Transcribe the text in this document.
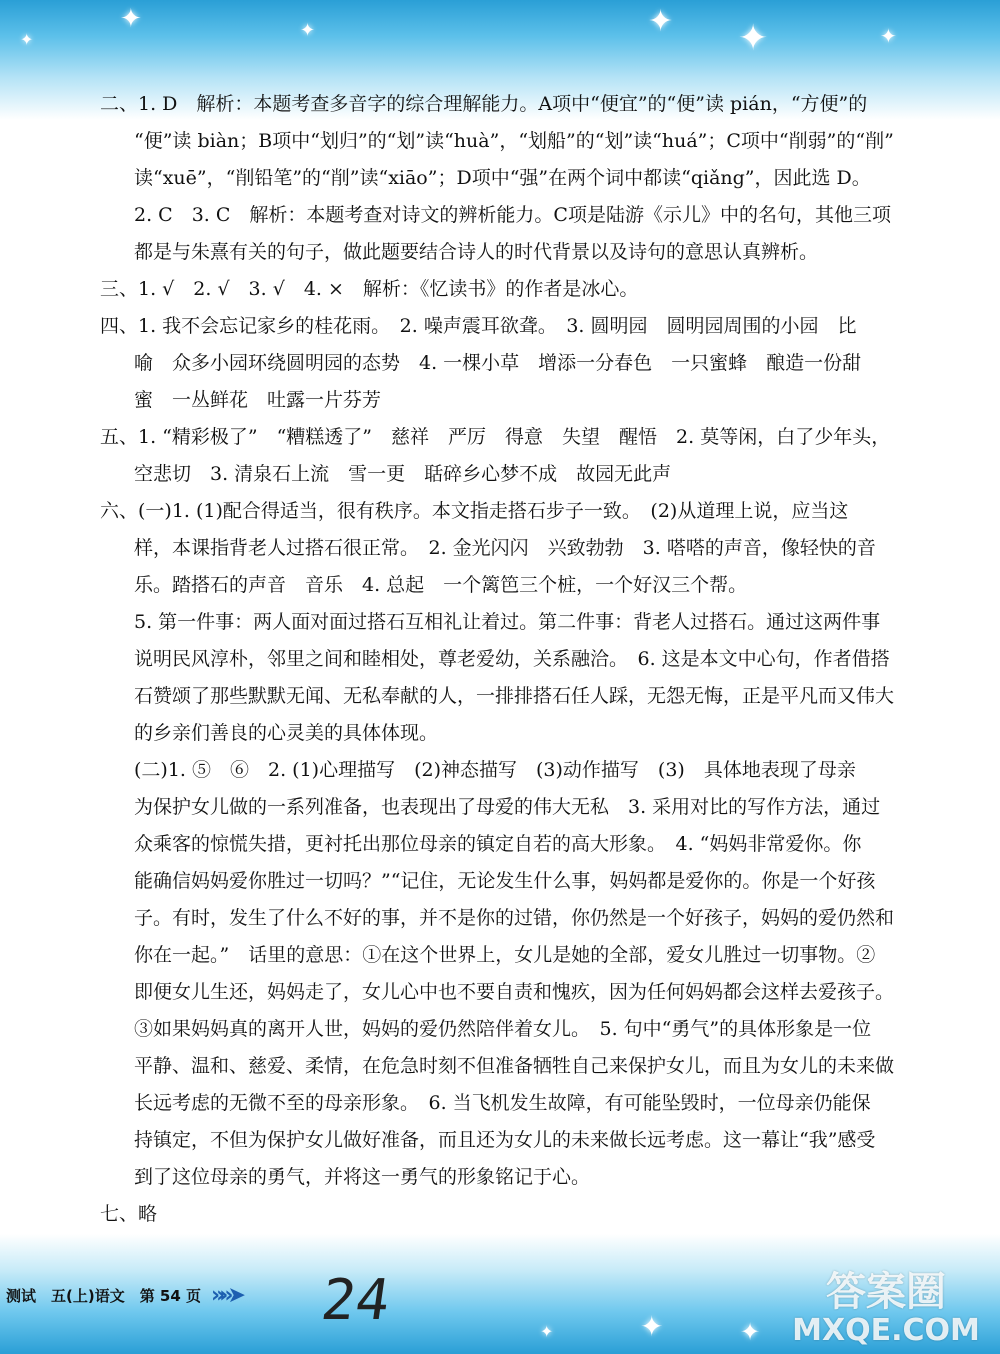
✦	✦	✦ ✦	✦
✦
✦	✦
✦

二、1. D　解析：本题考查多音字的综合理解能力。A项中“便宜”的“便”读 pián，“方便”的

“便”读 biàn；B项中“划归”的“划”读“huà”，“划船”的“划”读“huá”；C项中“削弱”的“削”

读“xuē”，“削铅笔”的“削”读“xiāo”；D项中“强”在两个词中都读“qiǎng”，因此选 D。

2. C　3. C　解析：本题考查对诗文的辨析能力。C项是陆游《示儿》中的名句，其他三项

都是与朱熹有关的句子，做此题要结合诗人的时代背景以及诗句的意思认真辨析。

三、1. √　2. √　3. √　4. ×　解析：《忆读书》的作者是冰心。

四、1. 我不会忘记家乡的桂花雨。　2. 噪声震耳欲聋。　3. 圆明园　圆明园周围的小园　比

喻　众多小园环绕圆明园的态势　4. 一棵小草　增添一分春色　一只蜜蜂　酿造一份甜

蜜　一丛鲜花　吐露一片芬芳

五、1. “精彩极了”　“糟糕透了”　慈祥　严厉　得意　失望　醒悟　2. 莫等闲，白了少年头，

空悲切　3. 清泉石上流　雪一更　聒碎乡心梦不成　故园无此声

六、(一)1. (1)配合得适当，很有秩序。本文指走搭石步子一致。　(2)从道理上说，应当这

样，本课指背老人过搭石很正常。　2. 金光闪闪　兴致勃勃　3. 嗒嗒的声音，像轻快的音

乐。踏搭石的声音　音乐　4. 总起　一个篱笆三个桩，一个好汉三个帮。

5. 第一件事：两人面对面过搭石互相礼让着过。第二件事：背老人过搭石。通过这两件事

说明民风淳朴，邻里之间和睦相处，尊老爱幼，关系融洽。　6. 这是本文中心句，作者借搭

石赞颂了那些默默无闻、无私奉献的人，一排排搭石任人踩，无怨无悔，正是平凡而又伟大

的乡亲们善良的心灵美的具体体现。

(二)1. ⑤　⑥　2. (1)心理描写　(2)神态描写　(3)动作描写　(3)　具体地表现了母亲

为保护女儿做的一系列准备，也表现出了母爱的伟大无私　3. 采用对比的写作方法，通过

众乘客的惊慌失措，更衬托出那位母亲的镇定自若的高大形象。　4. “妈妈非常爱你。你

能确信妈妈爱你胜过一切吗？”“记住，无论发生什么事，妈妈都是爱你的。你是一个好孩

子。有时，发生了什么不好的事，并不是你的过错，你仍然是一个好孩子，妈妈的爱仍然和

你在一起。”　话里的意思：①在这个世界上，女儿是她的全部，爱女儿胜过一切事物。②

即便女儿生还，妈妈走了，女儿心中也不要自责和愧疚，因为任何妈妈都会这样去爱孩子。

③如果妈妈真的离开人世，妈妈的爱仍然陪伴着女儿。　5. 句中“勇气”的具体形象是一位

平静、温和、慈爱、柔情，在危急时刻不但准备牺牲自己来保护女儿，而且为女儿的未来做

长远考虑的无微不至的母亲形象。　6. 当飞机发生故障，有可能坠毁时，一位母亲仍能保

持镇定，不但为保护女儿做好准备，而且还为女儿的未来做长远考虑。这一幕让“我”感受

到了这位母亲的勇气，并将这一勇气的形象铭记于心。

七、略

测试　五(上)语文　第 54 页 »»➤ 24	答案圈
MXQE.COM
